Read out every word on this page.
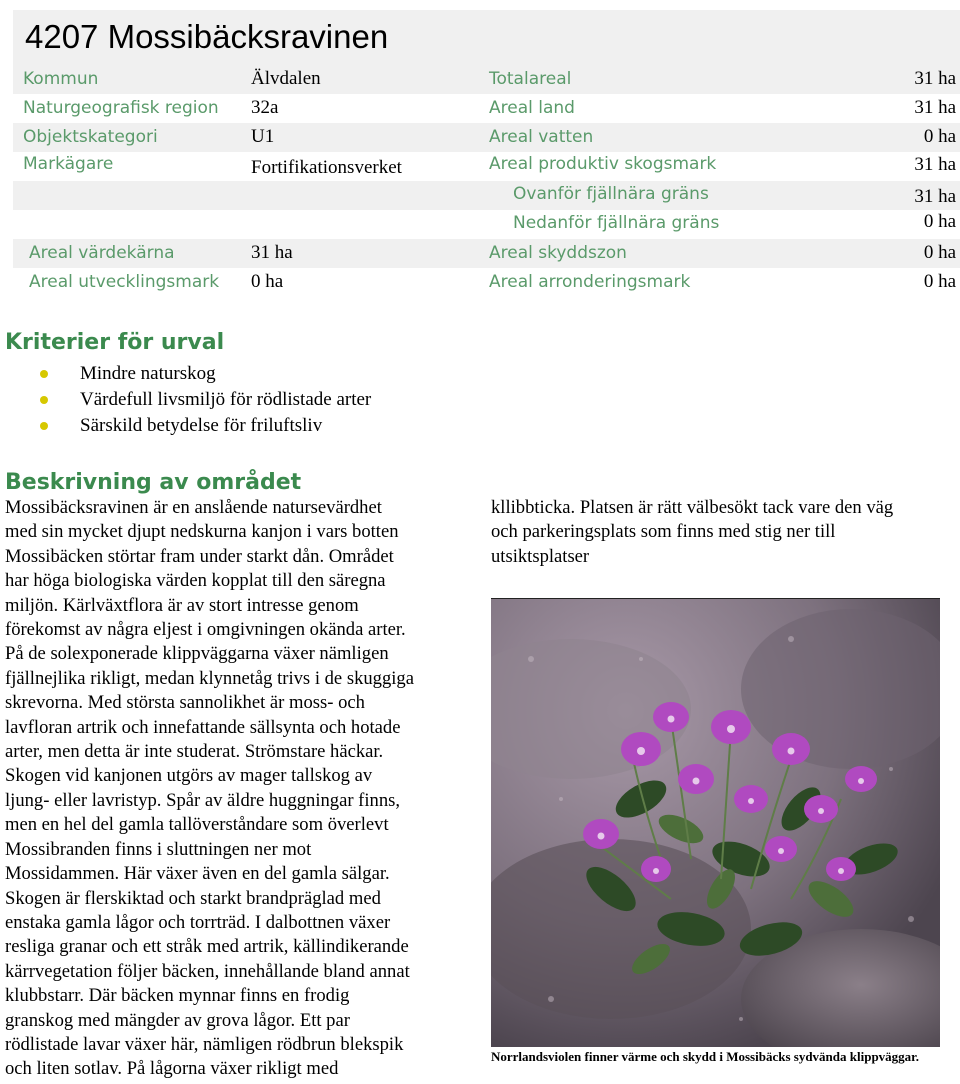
4207 Mossibäcksravinen
Kommun	Älvdalen	Totalareal	31 ha
Naturgeografisk region 32a	Areal land	31 ha
Objektskategori	U1	Areal vatten	0 ha
Markägare	Fortifikationsverket	Areal produktiv skogsmark	31 ha
Ovanför fjällnära gräns	31 ha
Nedanför fjällnära gräns	0 ha
Areal värdekärna	31 ha	Areal skyddszon	0 ha
Areal utvecklingsmark 0 ha	Areal arronderingsmark	0 ha
Kriterier för urval
Mindre naturskog
Värdefull livsmiljö för rödlistade arter
Särskild betydelse för friluftsliv
Beskrivning av området
Mossibäcksravinen är en anslående natursevärdhet
med sin mycket djupt nedskurna kanjon i vars botten
Mossibäcken störtar fram under starkt dån. Området
har höga biologiska värden kopplat till den säregna
miljön. Kärlväxtflora är av stort intresse genom
förekomst av några eljest i omgivningen okända arter.
På de solexponerade klippväggarna växer nämligen
fjällnejlika rikligt, medan klynnetåg trivs i de skuggiga
skrevorna. Med största sannolikhet är moss- och
lavfloran artrik och innefattande sällsynta och hotade
arter, men detta är inte studerat. Strömstare häckar.
Skogen vid kanjonen utgörs av mager tallskog av
ljung- eller lavristyp. Spår av äldre huggningar finns,
men en hel del gamla tallöverståndare som överlevt
Mossibranden finns i sluttningen ner mot
Mossidammen. Här växer även en del gamla sälgar.
Skogen är flerskiktad och starkt brandpräglad med
enstaka gamla lågor och torrträd. I dalbottnen växer
resliga granar och ett stråk med artrik, källindikerande
kärrvegetation följer bäcken, innehållande bland annat
klubbstarr. Där bäcken mynnar finns en frodig
granskog med mängder av grova lågor. Ett par
rödlistade lavar växer här, nämligen rödbrun blekspik
och liten sotlav. På lågorna växer rikligt med
kllibbticka. Platsen är rätt välbesökt tack vare den väg
och parkeringsplats som finns med stig ner till
utsiktsplatser
Norrlandsviolen finner värme och skydd i Mossibäcks sydvända klippväggar.
